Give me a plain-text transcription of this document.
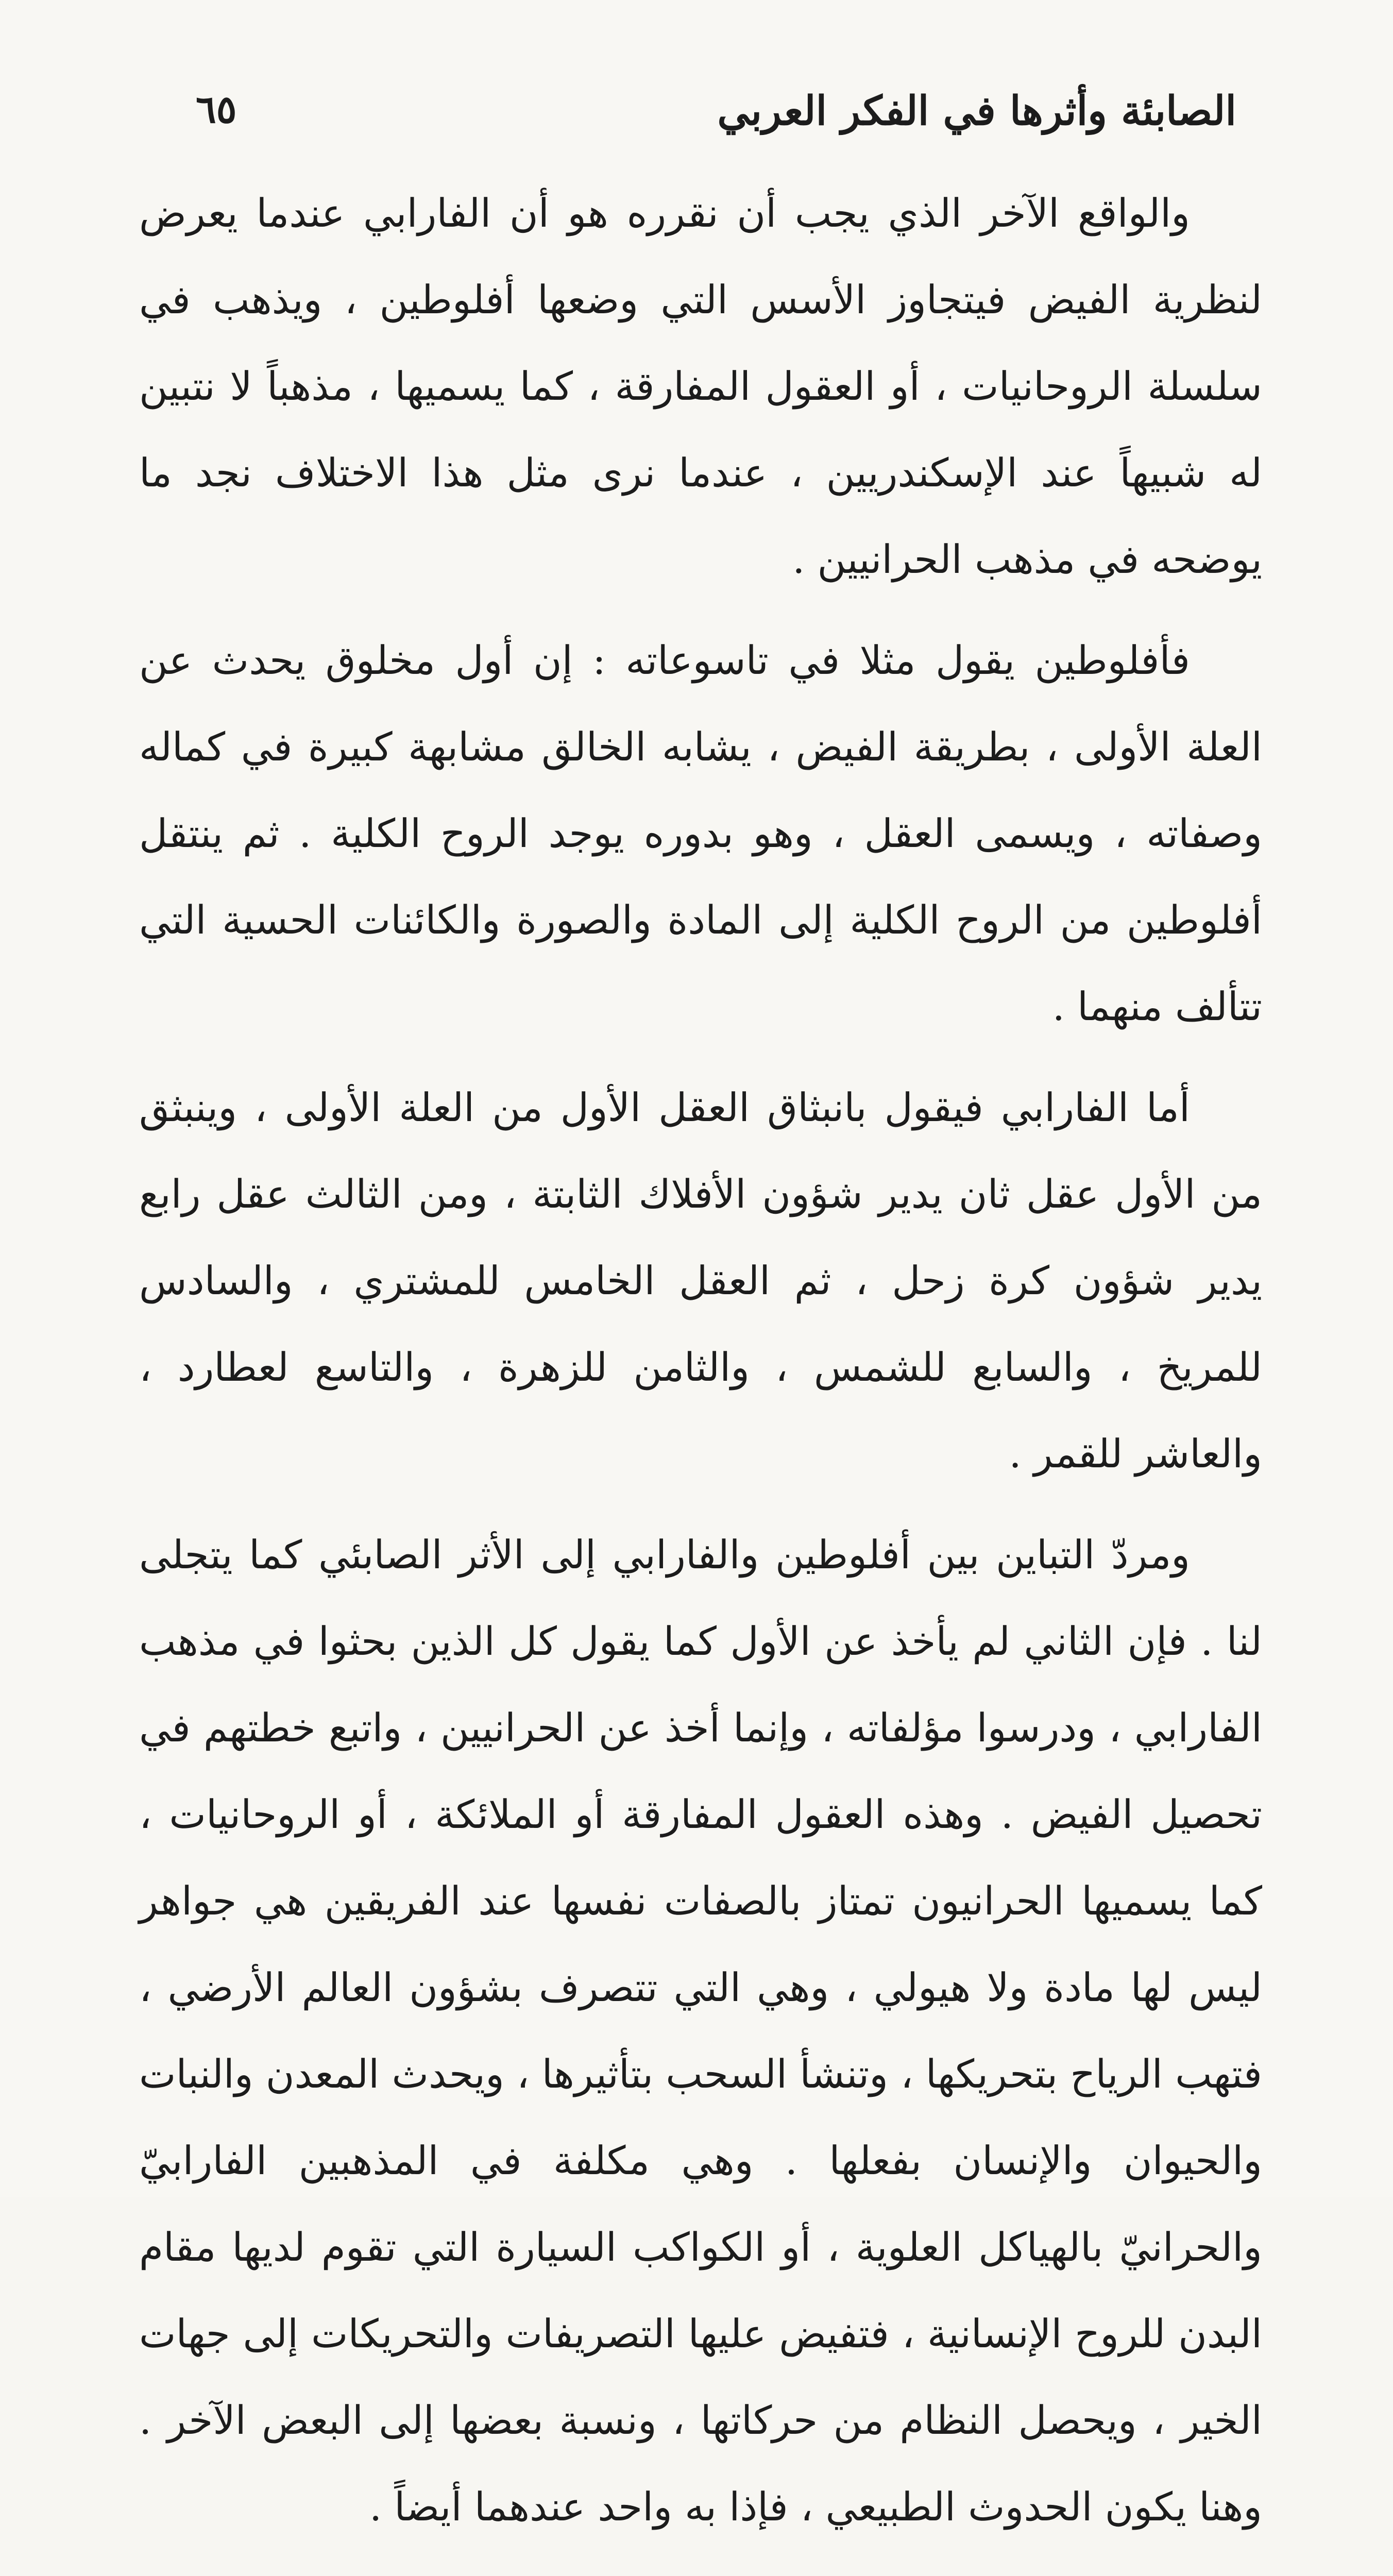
٦٥	الصابئة وأثرها في الفكر العربي

والواقع الآخر الذي يجب أن نقرره هو أن الفارابي عندما يعرض لنظرية الفيض فيتجاوز الأسس التي وضعها أفلوطين ، ويذهب في سلسلة الروحانيات ، أو العقول المفارقة ، كما يسميها ، مذهباً لا نتبين له شبيهاً عند الإسكندريين ، عندما نرى مثل هذا الاختلاف نجد ما يوضحه في مذهب الحرانيين .

فأفلوطين يقول مثلا في تاسوعاته : إن أول مخلوق يحدث عن العلة الأولى ، بطريقة الفيض ، يشابه الخالق مشابهة كبيرة في كماله وصفاته ، ويسمى العقل ، وهو بدوره يوجد الروح الكلية . ثم ينتقل أفلوطين من الروح الكلية إلى المادة والصورة والكائنات الحسية التي تتألف منهما .

أما الفارابي فيقول بانبثاق العقل الأول من العلة الأولى ، وينبثق من الأول عقل ثان يدير شؤون الأفلاك الثابتة ، ومن الثالث عقل رابع يدير شؤون كرة زحل ، ثم العقل الخامس للمشتري ، والسادس للمريخ ، والسابع للشمس ، والثامن للزهرة ، والتاسع لعطارد ، والعاشر للقمر .

ومردّ التباين بين أفلوطين والفارابي إلى الأثر الصابئي كما يتجلى لنا . فإن الثاني لم يأخذ عن الأول كما يقول كل الذين بحثوا في مذهب الفارابي ، ودرسوا مؤلفاته ، وإنما أخذ عن الحرانيين ، واتبع خطتهم في تحصيل الفيض . وهذه العقول المفارقة أو الملائكة ، أو الروحانيات ، كما يسميها الحرانيون تمتاز بالصفات نفسها عند الفريقين هي جواهر ليس لها مادة ولا هيولي ، وهي التي تتصرف بشؤون العالم الأرضي ، فتهب الرياح بتحريكها ، وتنشأ السحب بتأثيرها ، ويحدث المعدن والنبات والحيوان والإنسان بفعلها . وهي مكلفة في المذهبين الفارابيّ والحرانيّ بالهياكل العلوية ، أو الكواكب السيارة التي تقوم لديها مقام البدن للروح الإنسانية ، فتفيض عليها التصريفات والتحريكات إلى جهات الخير ، ويحصل النظام من حركاتها ، ونسبة بعضها إلى البعض الآخر . وهنا يكون الحدوث الطبيعي ، فإذا به واحد عندهما أيضاً .
